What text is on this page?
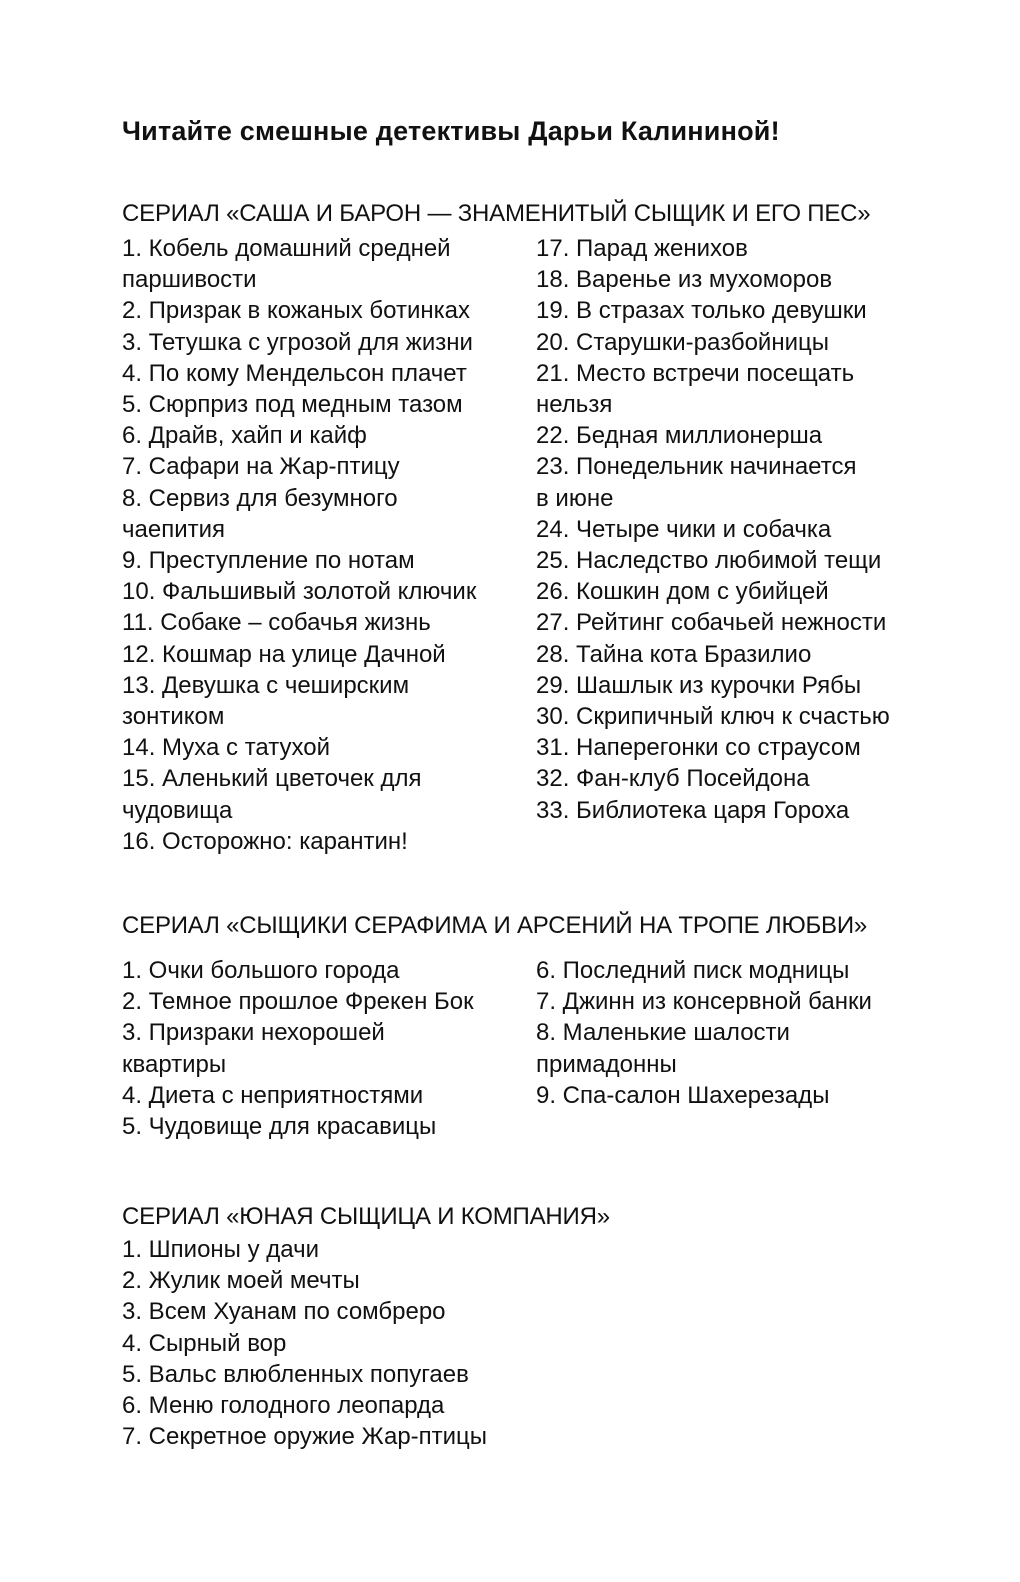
Читайте смешные детективы Дарьи Калининой!
СЕРИАЛ «САША И БАРОН — ЗНАМЕНИТЫЙ СЫЩИК И ЕГО ПЕС»
1. Кобель домашний средней
паршивости
2. Призрак в кожаных ботинках
3. Тетушка с угрозой для жизни
4. По кому Мендельсон плачет
5. Сюрприз под медным тазом
6. Драйв, хайп и кайф
7. Сафари на Жар-птицу
8. Сервиз для безумного
чаепития
9. Преступление по нотам
10. Фальшивый золотой ключик
11. Собаке – собачья жизнь
12. Кошмар на улице Дачной
13. Девушка с чеширским
зонтиком
14. Муха с татухой
15. Аленький цветочек для
чудовища
16. Осторожно: карантин!
17. Парад женихов
18. Варенье из мухоморов
19. В стразах только девушки
20. Старушки-разбойницы
21. Место встречи посещать
нельзя
22. Бедная миллионерша
23. Понедельник начинается
в июне
24. Четыре чики и собачка
25. Наследство любимой тещи
26. Кошкин дом с убийцей
27. Рейтинг собачьей нежности
28. Тайна кота Бразилио
29. Шашлык из курочки Рябы
30. Скрипичный ключ к счастью
31. Наперегонки со страусом
32. Фан-клуб Посейдона
33. Библиотека царя Гороха
СЕРИАЛ «СЫЩИКИ СЕРАФИМА И АРСЕНИЙ НА ТРОПЕ ЛЮБВИ»
1. Очки большого города
2. Темное прошлое Фрекен Бок
3. Призраки нехорошей
квартиры
4. Диета с неприятностями
5. Чудовище для красавицы
6. Последний писк модницы
7. Джинн из консервной банки
8. Маленькие шалости
примадонны
9. Спа-салон Шахерезады
СЕРИАЛ «ЮНАЯ СЫЩИЦА И КОМПАНИЯ»
1. Шпионы у дачи
2. Жулик моей мечты
3. Всем Хуанам по сомбреро
4. Сырный вор
5. Вальс влюбленных попугаев
6. Меню голодного леопарда
7. Секретное оружие Жар-птицы
